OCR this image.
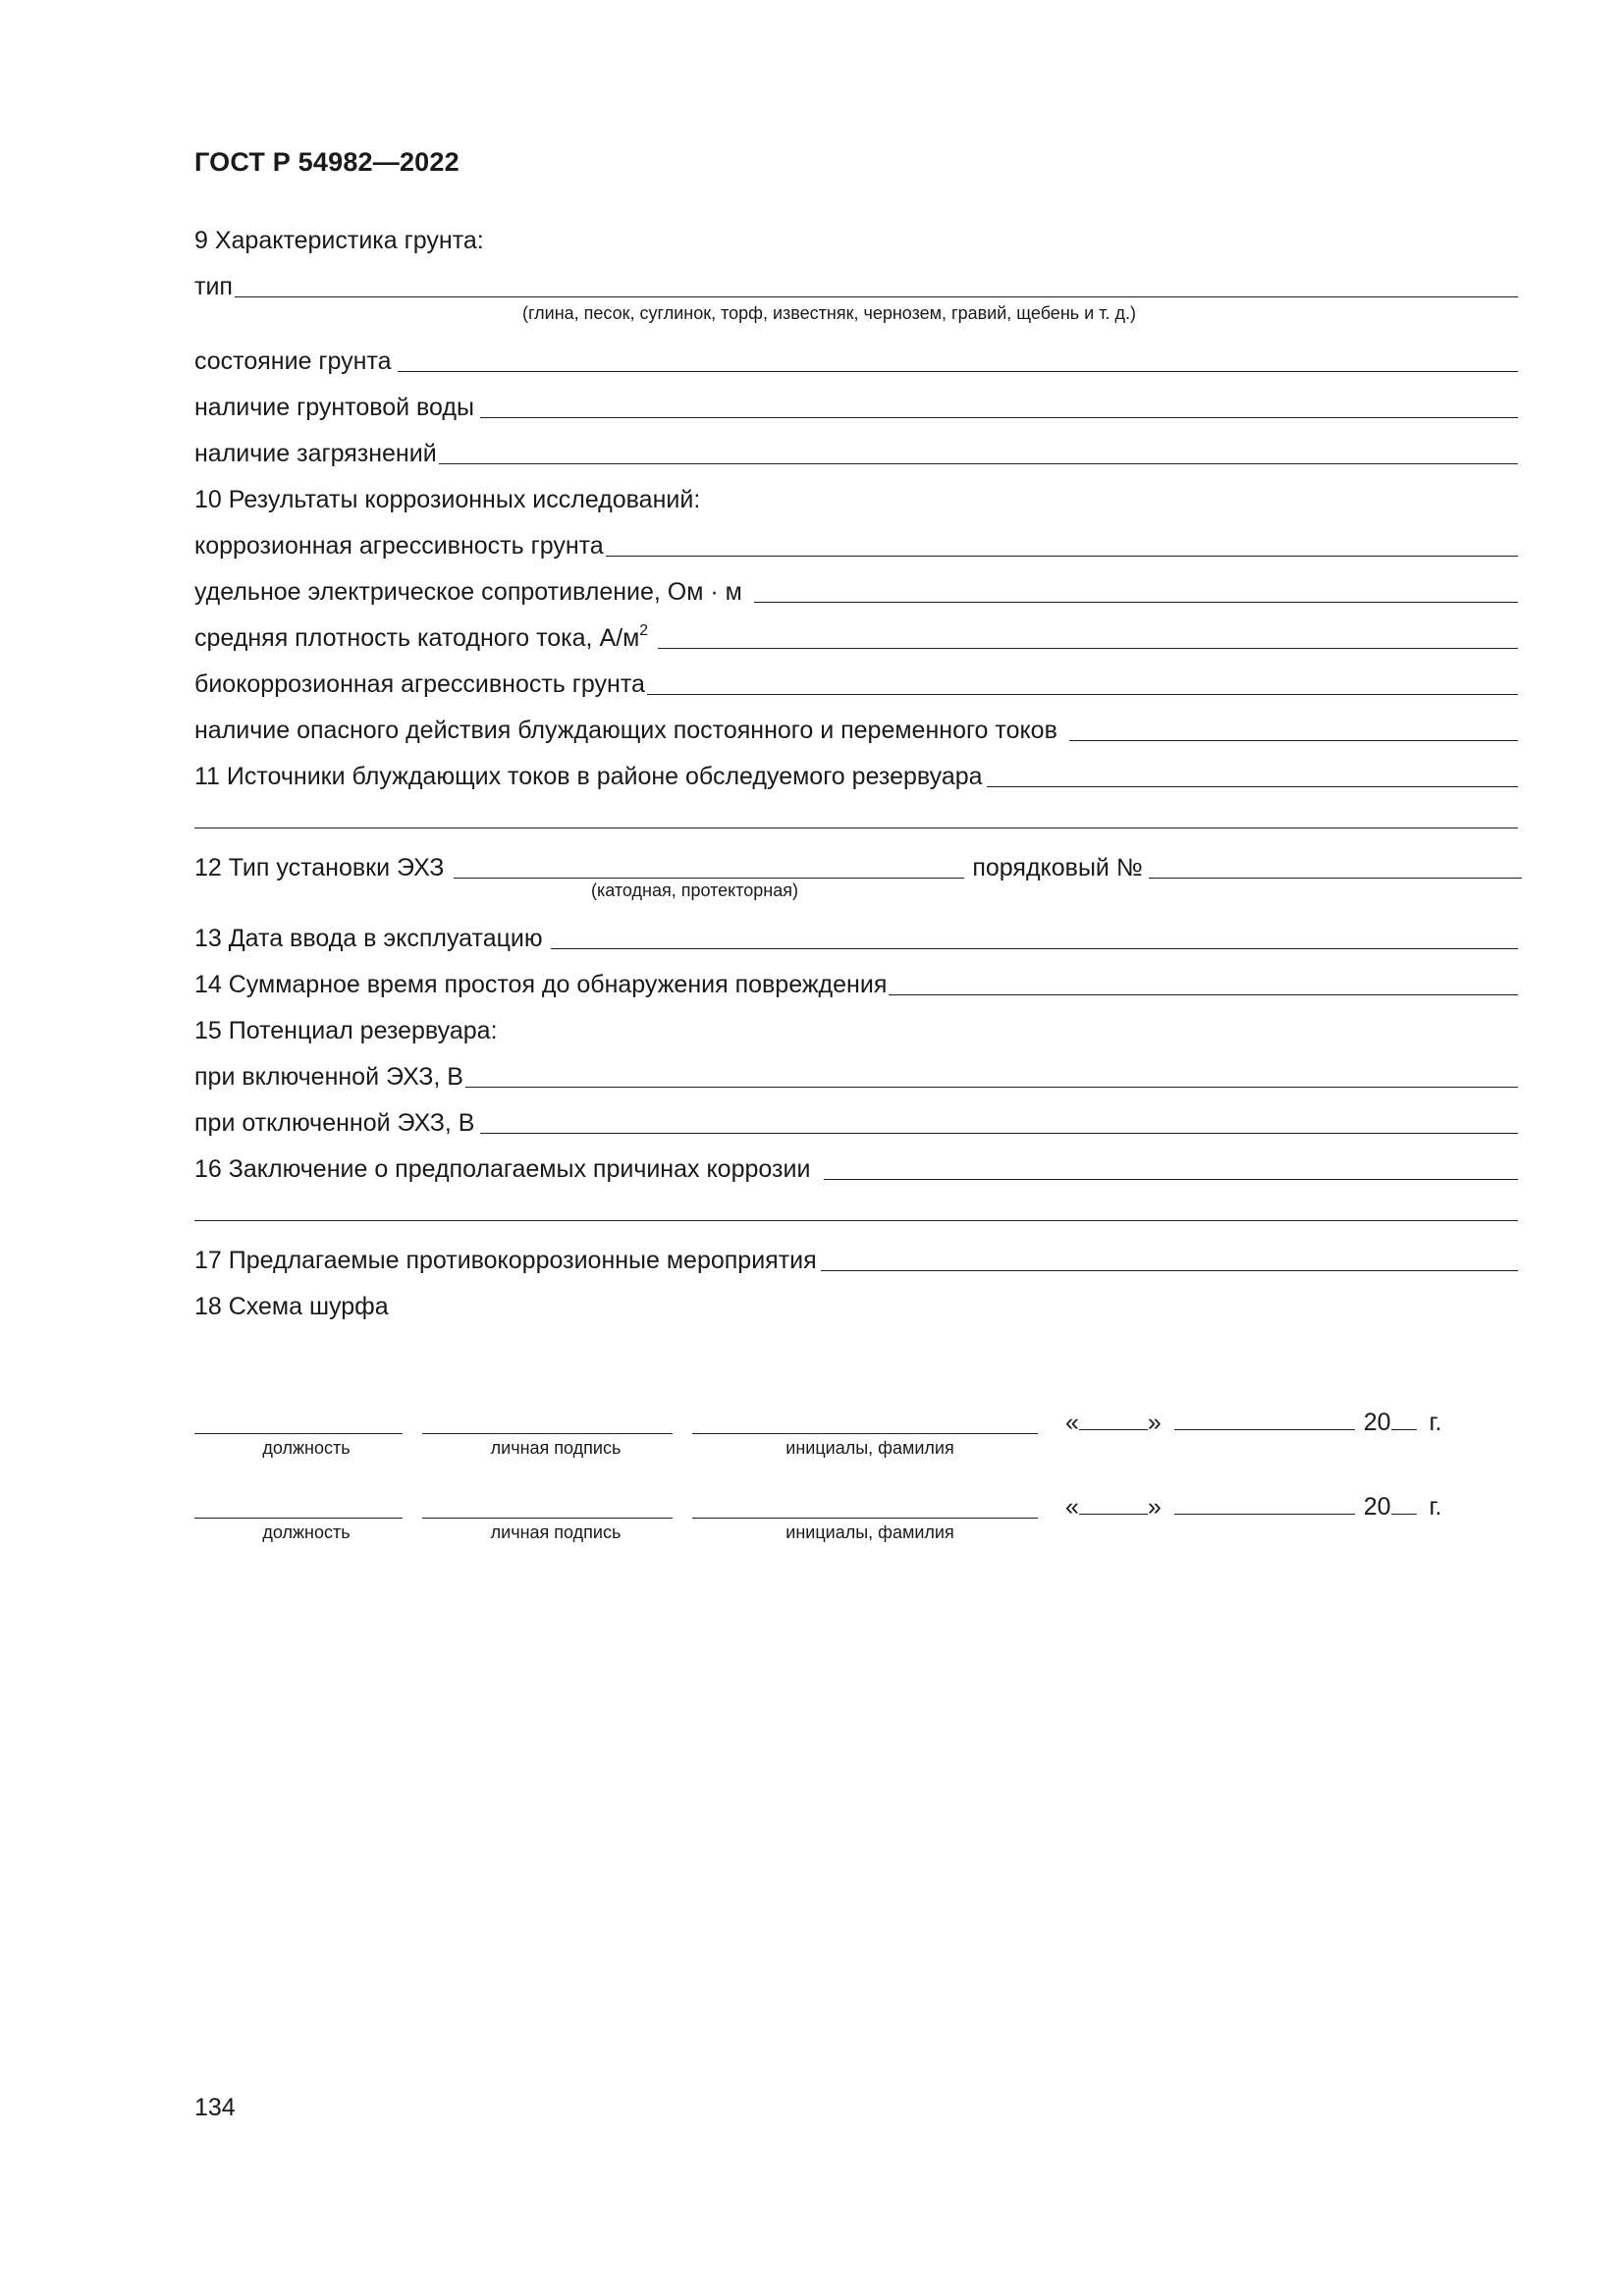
ГОСТ Р 54982—2022
9 Характеристика грунта:
тип
(глина, песок, суглинок, торф, известняк, чернозем, гравий, щебень и т. д.)
состояние грунта
наличие грунтовой воды
наличие загрязнений
10 Результаты коррозионных исследований:
коррозионная агрессивность грунта
удельное электрическое сопротивление, Ом · м
средняя плотность катодного тока, $А/м^2$
биокоррозионная агрессивность грунта
наличие опасного действия блуждающих постоянного и переменного токов
11 Источники блуждающих токов в районе обследуемого резервуара
12 Тип установки ЭХЗ	порядковый №
(катодная, протекторная)
13 Дата ввода в эксплуатацию
14 Суммарное время простоя до обнаружения повреждения
15 Потенциал резервуара:
при включенной ЭХЗ, В
при отключенной ЭХЗ, В
16 Заключение о предполагаемых причинах коррозии
17 Предлагаемые противокоррозионные мероприятия
18 Схема шурфа
должность	личная подпись	инициалы, фамилия
«	»	20 г.
должность	личная подпись	инициалы, фамилия
«	»	20 г.
134
